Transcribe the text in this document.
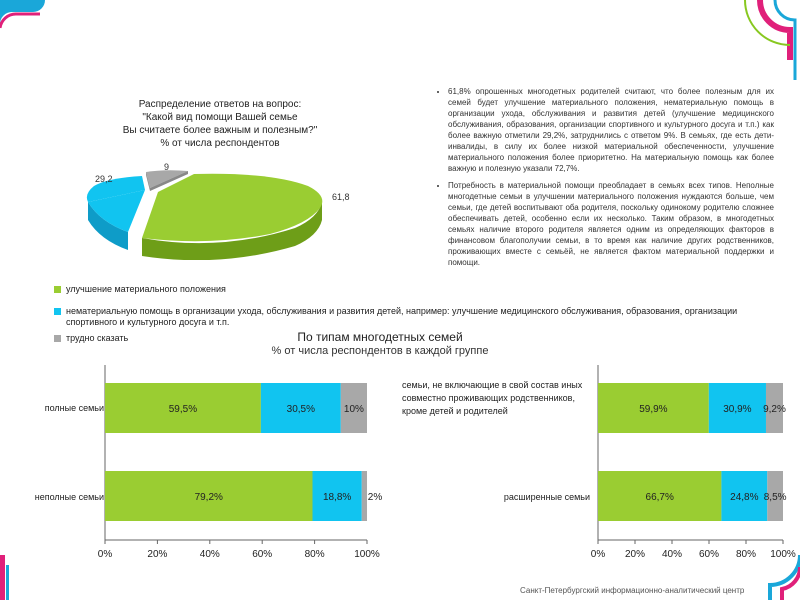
Распределение ответов на вопрос:
"Какой вид помощи Вашей семье
Вы считаете более важным и полезным?"
% от числа респондентов
29,2
9
61,8
улучшение материального положения
нематериальную помощь в организации ухода, обслуживания и развития детей, например: улучшение медицинского обслуживания, образования, организации спортивного и культурного досуга и т.п.
трудно сказать
• 61,8% опрошенных многодетных родителей считают, что более полезным для их семей будет улучшение материального положения, нематериальную помощь в организации ухода, обслуживания и развития детей (улучшение медицинского обслуживания, образования, организации спортивного и культурного досуга и т.п.) как более важную отметили 29,2%, затруднились с ответом 9%. В семьях, где есть дети-инвалиды, в силу их более низкой материальной обеспеченности, улучшение материального положения более приоритетно. На материальную помощь как более важную и полезную указали 72,7%.
• Потребность в материальной помощи преобладает в семьях всех типов. Неполные многодетные семьи в улучшении материального положения нуждаются больше, чем семьи, где детей воспитывают оба родителя, поскольку одинокому родителю сложнее обеспечивать детей, особенно если их несколько. Таким образом, в многодетных семьях наличие второго родителя является одним из определяющих факторов в финансовом благополучии семьи, в то время как наличие других родственников, проживающих вместе с семьёй, не является фактом материальной поддержки и помощи.
По типам многодетных семей
% от числа респондентов в каждой группе
полные семьи
неполные семьи
семьи, не включающие в свой состав иных совместно проживающих родственников, кроме детей и родителей
расширенные семьи
0%	20%	40%	60%	80%	100%
59,5%	30,5%	10%
79,2%	18,8% 2%
0% 20% 40% 60% 80% 100%
59,9%	30,9% 9,2%
66,7%	24,8% 8,5%
Санкт-Петербургский информационно-аналитический центр
